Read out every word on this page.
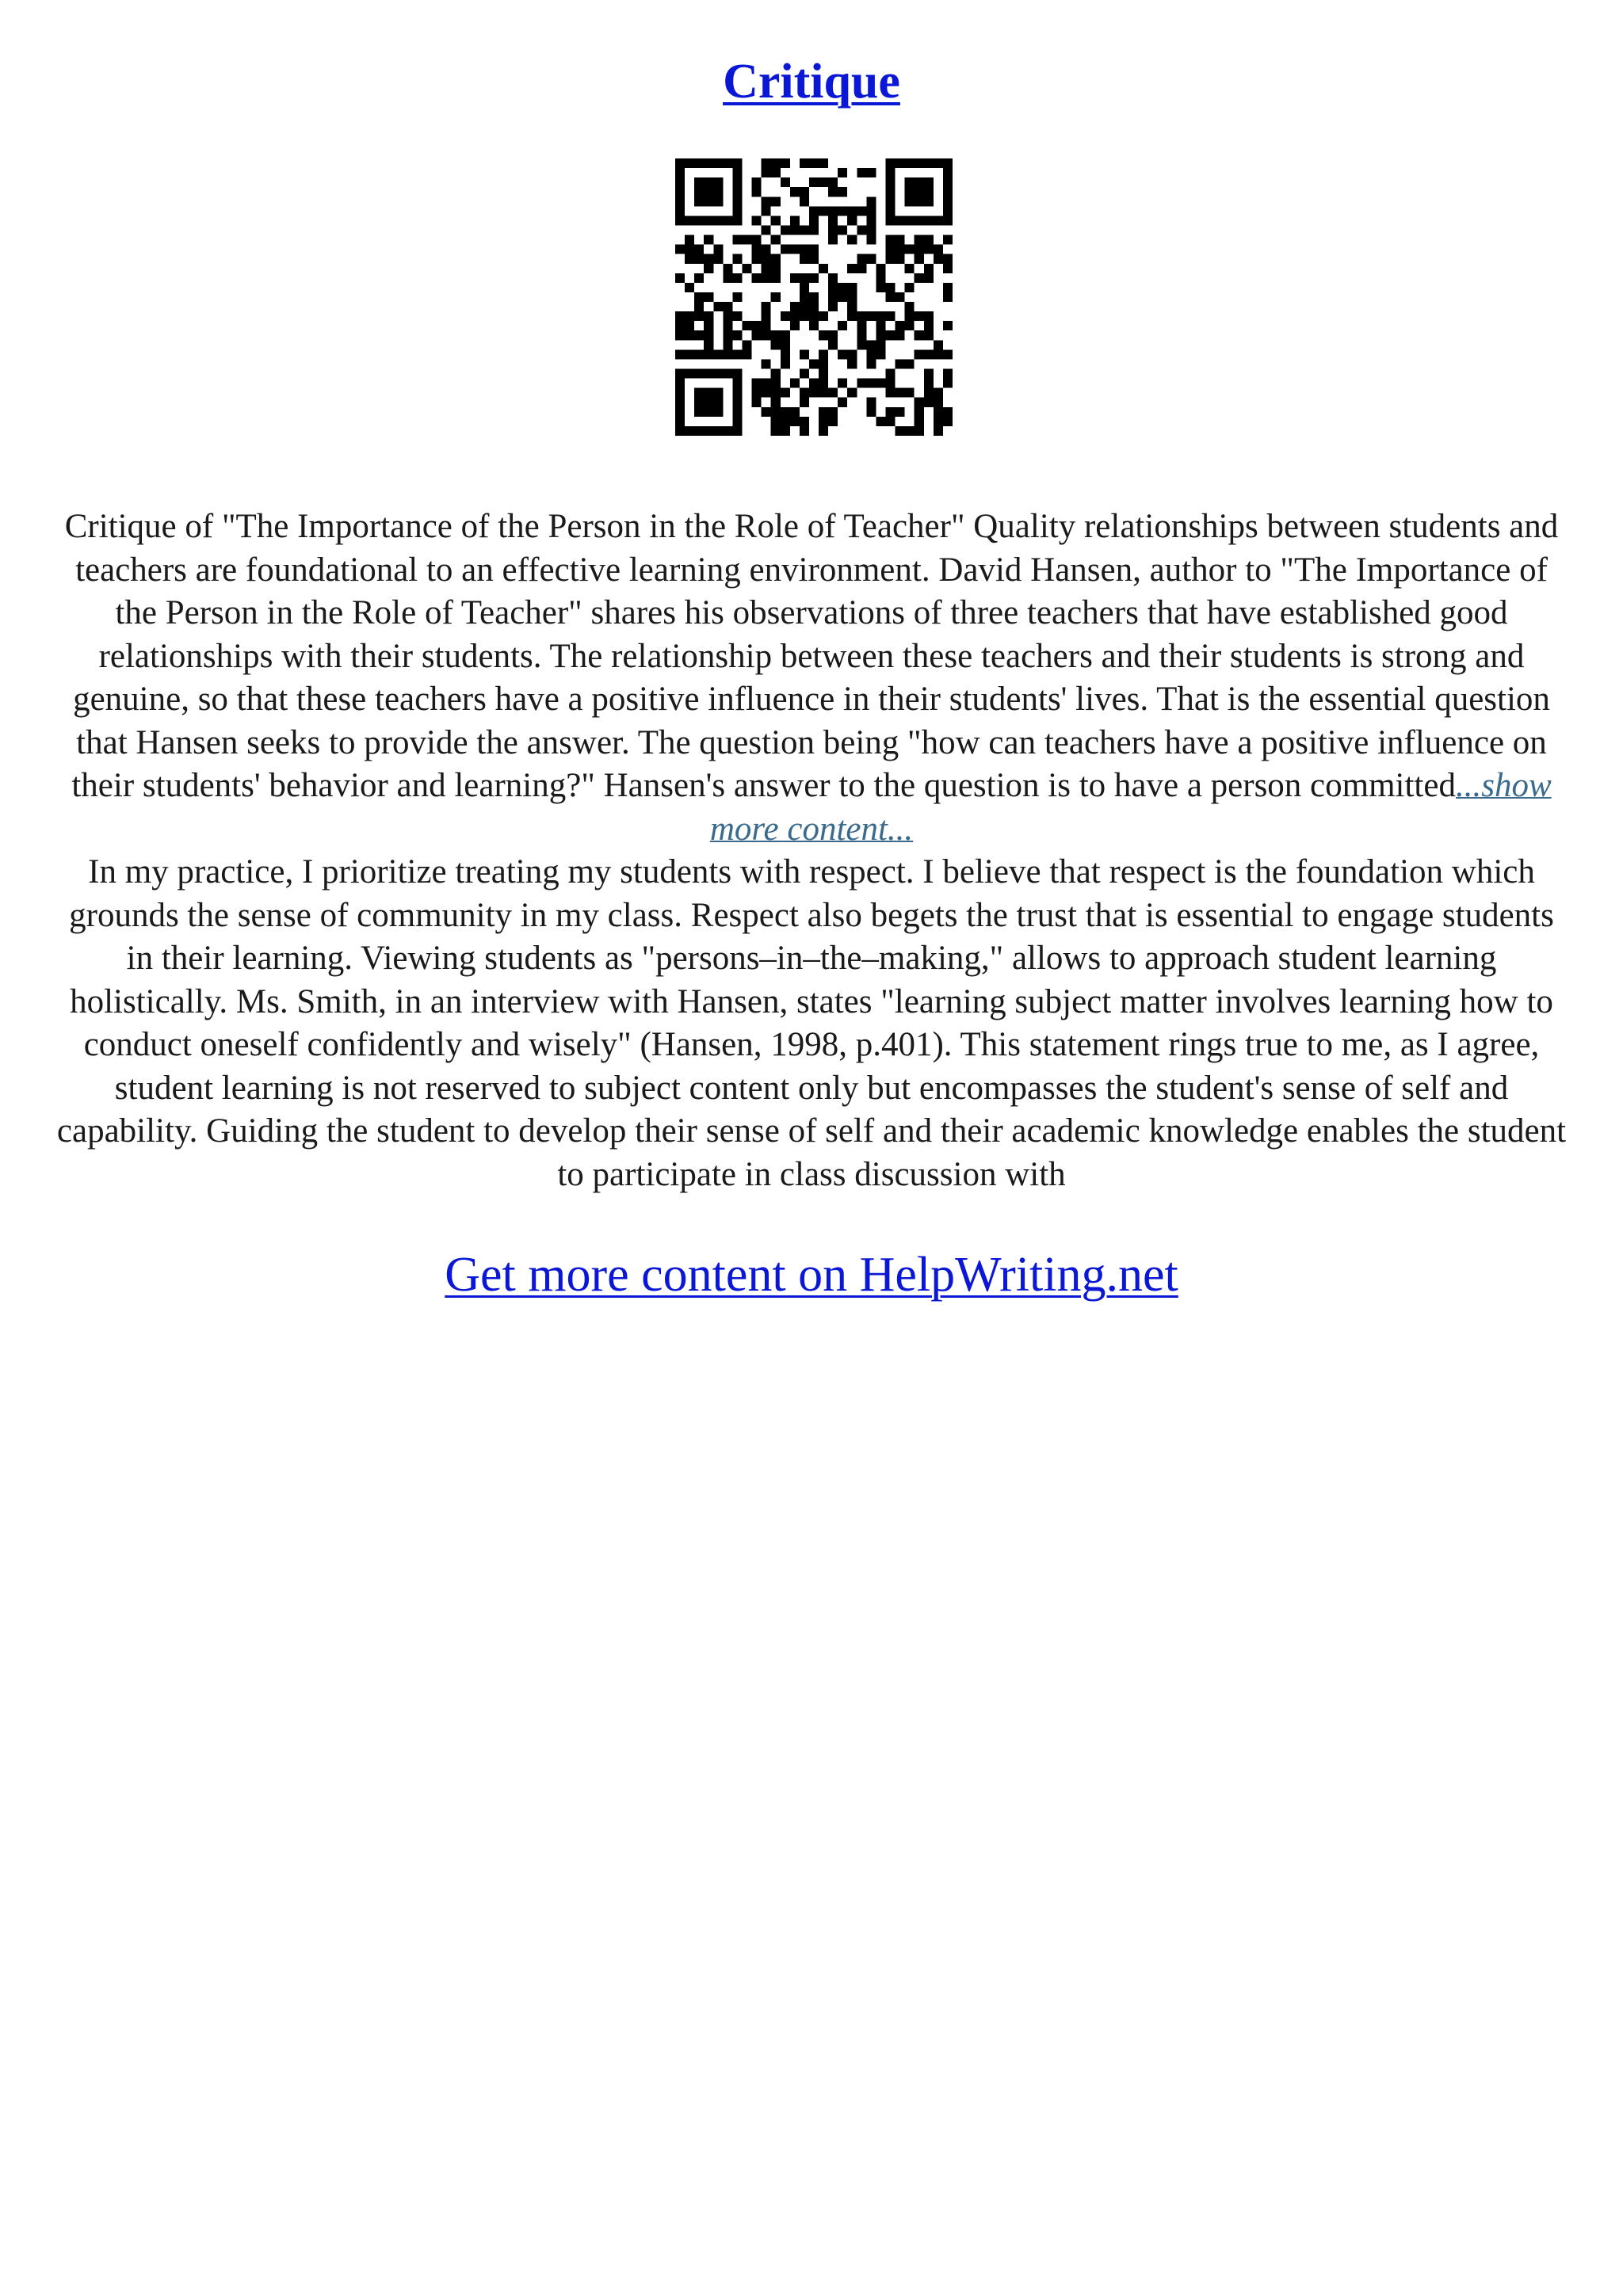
Critique

Critique of "The Importance of the Person in the Role of Teacher" Quality relationships between students and teachers are foundational to an effective learning environment. David Hansen, author to "The Importance of the Person in the Role of Teacher" shares his observations of three teachers that have established good relationships with their students. The relationship between these teachers and their students is strong and genuine, so that these teachers have a positive influence in their students' lives. That is the essential question that Hansen seeks to provide the answer. The question being "how can teachers have a positive influence on their students' behavior and learning?" Hansen's answer to the question is to have a person committed...show more content...

In my practice, I prioritize treating my students with respect. I believe that respect is the foundation which grounds the sense of community in my class. Respect also begets the trust that is essential to engage students in their learning. Viewing students as "persons–in–the–making," allows to approach student learning holistically. Ms. Smith, in an interview with Hansen, states "learning subject matter involves learning how to conduct oneself confidently and wisely" (Hansen, 1998, p.401). This statement rings true to me, as I agree, student learning is not reserved to subject content only but encompasses the student's sense of self and capability. Guiding the student to develop their sense of self and their academic knowledge enables the student to participate in class discussion with

Get more content on HelpWriting.net
